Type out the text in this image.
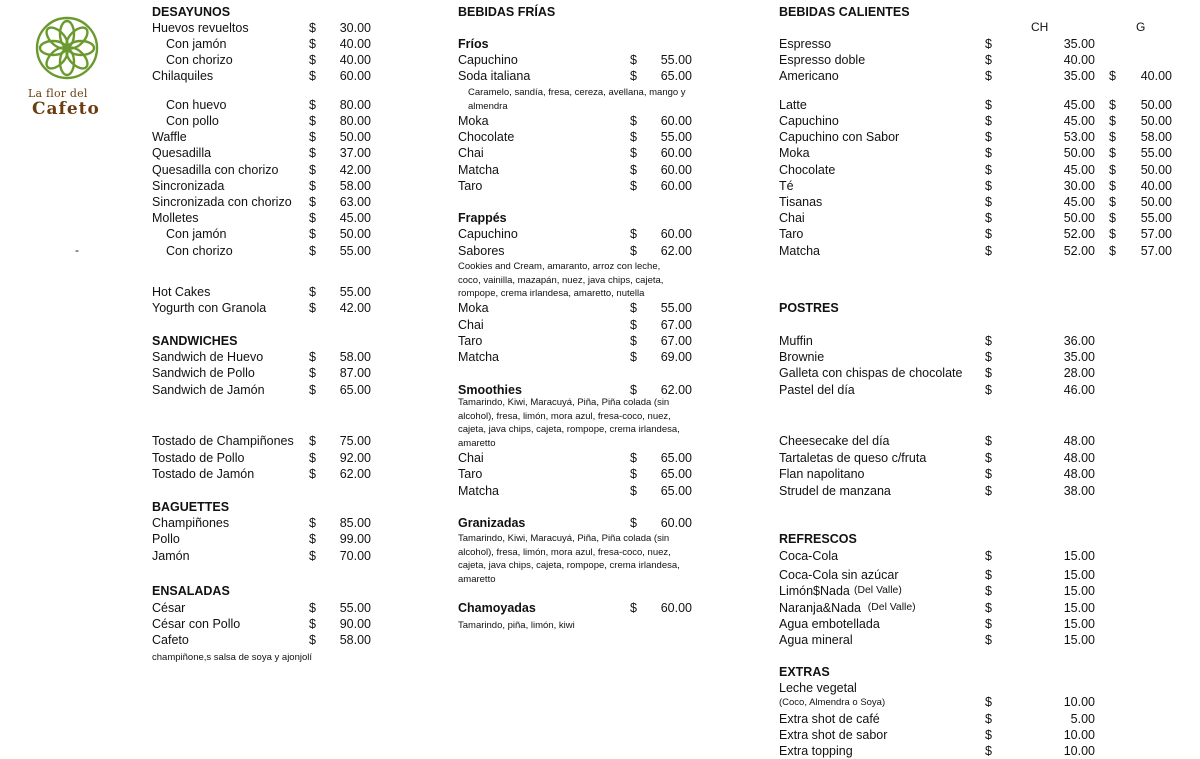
La flor del
Cafeto
-
DESAYUNOS
Huevos revueltos	$	30.00
Con jamón	$	40.00
Con chorizo	$	40.00
Chilaquiles	$	60.00
Con huevo	$	80.00
Con pollo	$	80.00
Waffle	$	50.00
Quesadilla	$	37.00
Quesadilla con chorizo $	42.00
Sincronizada	$	58.00
Sincronizada con chorizo $	63.00
Molletes	$	45.00
Con jamón	$	50.00
Con chorizo	$	55.00
Hot Cakes	$	55.00
Yogurth con Granola	$	42.00
SANDWICHES
Sandwich de Huevo	$	58.00
Sandwich de Pollo	$	87.00
Sandwich de Jamón	$	65.00
Tostado de Champiñones $	75.00
Tostado de Pollo	$	92.00
Tostado de Jamón	$	62.00
BAGUETTES
Champiñones	$	85.00
Pollo	$	99.00
Jamón	$	70.00
ENSALADAS
César	$	55.00
César con Pollo	$	90.00
Cafeto	$	58.00
champiñone,s salsa de soya y ajonjolí
BEBIDAS FRÍAS
Fríos
Capuchino	$	55.00
Soda italiana	$	65.00
Caramelo, sandía, fresa, cereza, avellana, mango y almendra
Moka	$	60.00
Chocolate	$	55.00
Chai	$	60.00
Matcha	$	60.00
Taro	$	60.00
Frappés
Capuchino	$	60.00
Sabores	$	62.00
Cookies and Cream, amaranto, arroz con leche, coco, vainilla, mazapán, nuez, java chips, cajeta, rompope, crema irlandesa, amaretto, nutella
Moka	$	55.00
Chai	$	67.00
Taro	$	67.00
Matcha	$	69.00
Smoothies	$	62.00
Tamarindo, Kiwi, Maracuyá, Piña, Piña colada (sin alcohol), fresa, limón, mora azul, fresa-coco, nuez, cajeta, java chips, cajeta, rompope, crema irlandesa, amaretto
Chai	$	65.00
Taro	$	65.00
Matcha	$	65.00
Granizadas	$	60.00
Tamarindo, Kiwi, Maracuyá, Piña, Piña colada (sin alcohol), fresa, limón, mora azul, fresa-coco, nuez, cajeta, java chips, cajeta, rompope, crema irlandesa, amaretto
Chamoyadas	$	60.00
Tamarindo, piña, limón, kiwi
BEBIDAS CALIENTES
CH	G
Espresso	$	35.00
Espresso doble	$	40.00
Americano	$	35.00 $	40.00
Latte	$	45.00 $	50.00
Capuchino	$	45.00 $	50.00
Capuchino con Sabor	$	53.00 $	58.00
Moka	$	50.00 $	55.00
Chocolate	$	45.00 $	50.00
Té	$	30.00 $	40.00
Tisanas	$	45.00 $	50.00
Chai	$	50.00 $	55.00
Taro	$	52.00 $	57.00
Matcha	$	52.00 $	57.00
POSTRES
Muffin	$	36.00
Brownie	$	35.00
Galleta con chispas de chocolate $	28.00
Pastel del día	$	46.00
Cheesecake del día	$	48.00
Tartaletas de queso c/fruta	$	48.00
Flan napolitano	$	48.00
Strudel de manzana	$	38.00
REFRESCOS
Coca-Cola	$	15.00
Coca-Cola sin azúcar	$	15.00
Limón$Nada (Del Valle)	$	15.00
Naranja&Nada (Del Valle)	$	15.00
Agua embotellada	$	15.00
Agua mineral	$	15.00
EXTRAS
Leche vegetal
(Coco, Almendra o Soya)	$	10.00
Extra shot de café	$	5.00
Extra shot de sabor	$	10.00
Extra topping	$	10.00
